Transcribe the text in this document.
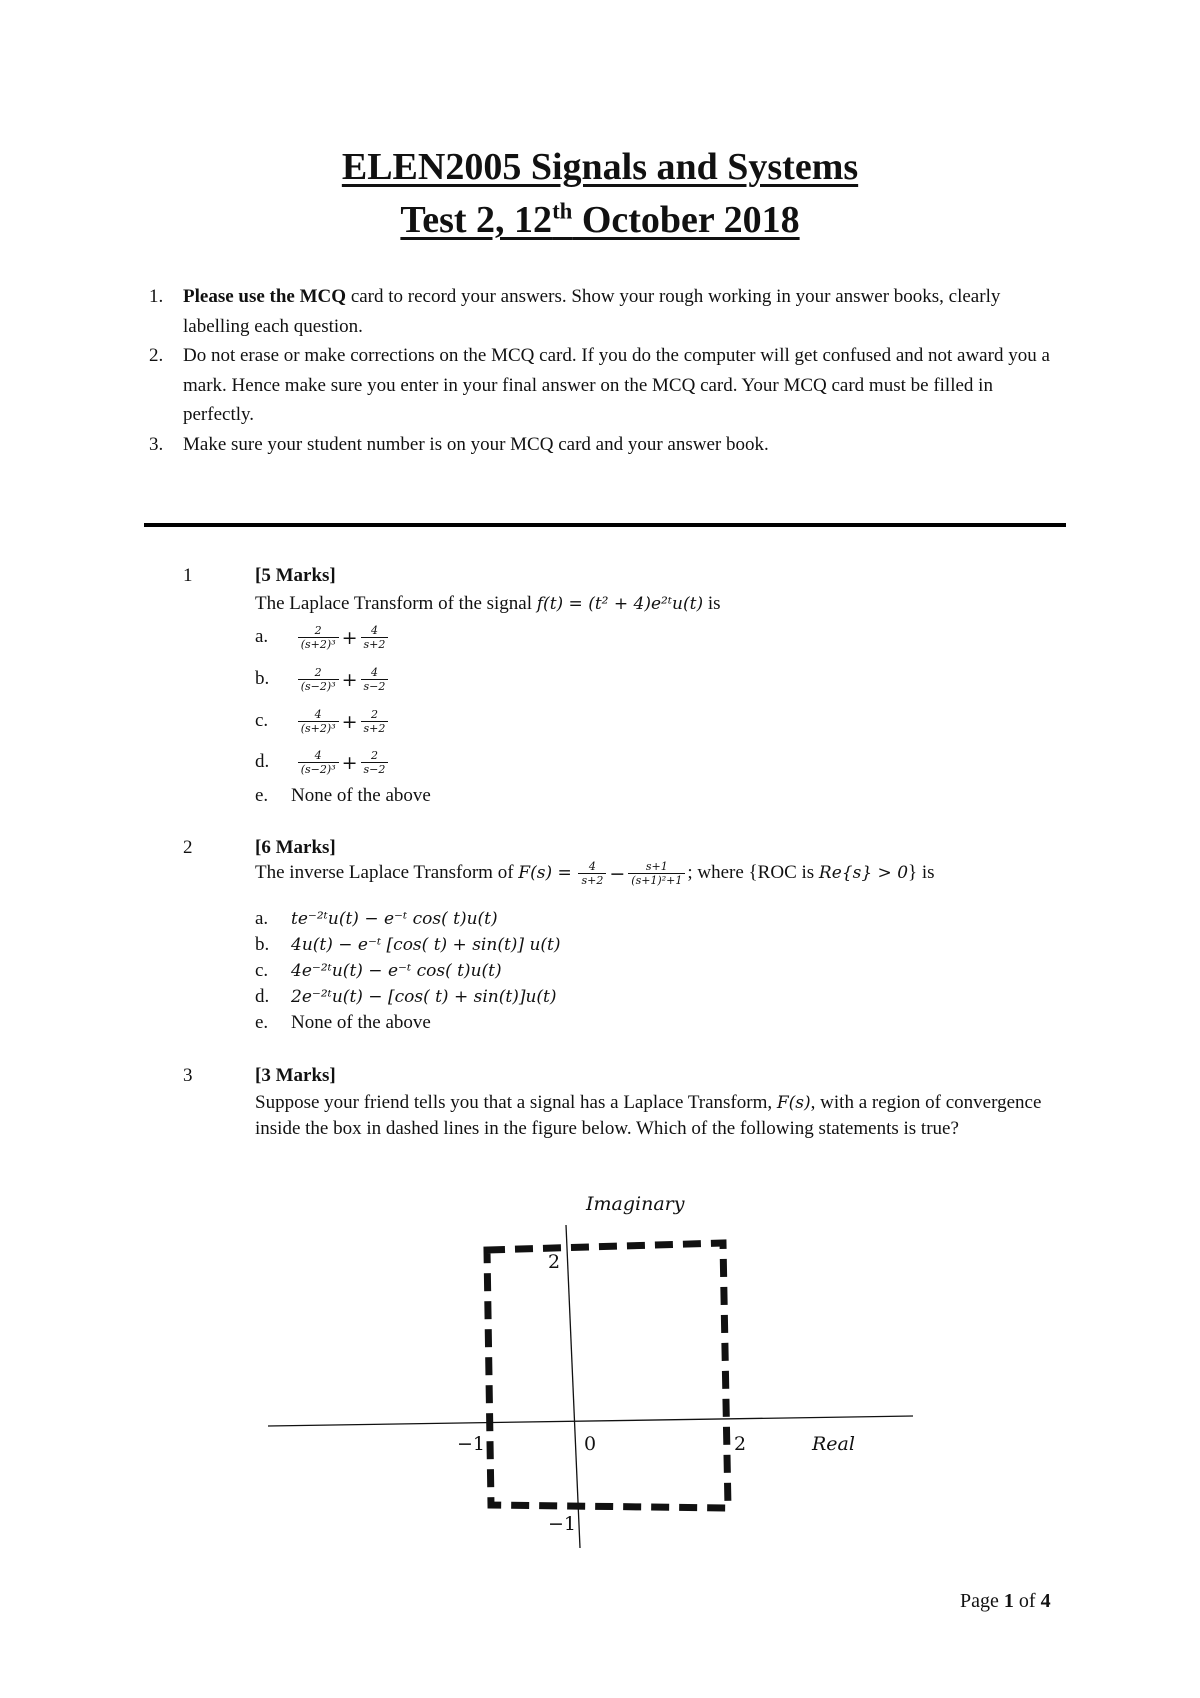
ELEN2005 Signals and Systems
Test 2, 12th October 2018
1. Please use the MCQ card to record your answers. Show your rough working in your answer books, clearly labelling each question.
2. Do not erase or make corrections on the MCQ card. If you do the computer will get confused and not award you a mark. Hence make sure you enter in your final answer on the MCQ card. Your MCQ card must be filled in perfectly.
3. Make sure your student number is on your MCQ card and your answer book.
1	[5 Marks]
The Laplace Transform of the signal f(t) = (t² + 4)e²ᵗu(t) is
a.	$\frac{2}{\text{(s+2)³}} + \frac{4}{s+2}$
b.	$\frac{2}{\text{(s−2)³}} + \frac{4}{s-2}$
c.	$\frac{4}{\text{(s+2)³}} + \frac{2}{s+2}$
d.	$\frac{4}{\text{(s−2)³}} + \frac{2}{s-2}$
e. None of the above
2	[6 Marks]
The inverse Laplace Transform of $F(s) = \frac{4}{s+2} - \frac{s+1}{\text{(s+1)²+1}}$ ; where {ROC is Re{s} > 0} is
a. te⁻²ᵗu(t) − e⁻ᵗ cos( t)u(t)
b. 4u(t) − e⁻ᵗ [cos( t) + sin(t)] u(t)
c. 4e⁻²ᵗu(t) − e⁻ᵗ cos( t)u(t)
d. 2e⁻²ᵗu(t) − [cos( t) + sin(t)]u(t)
e. None of the above
3	[3 Marks]
Suppose your friend tells you that a signal has a Laplace Transform, F(s), with a region of convergence inside the box in dashed lines in the figure below. Which of the following statements is true?
Imaginary
2
−1	0	2	Real
−1
Page 1 of 4
